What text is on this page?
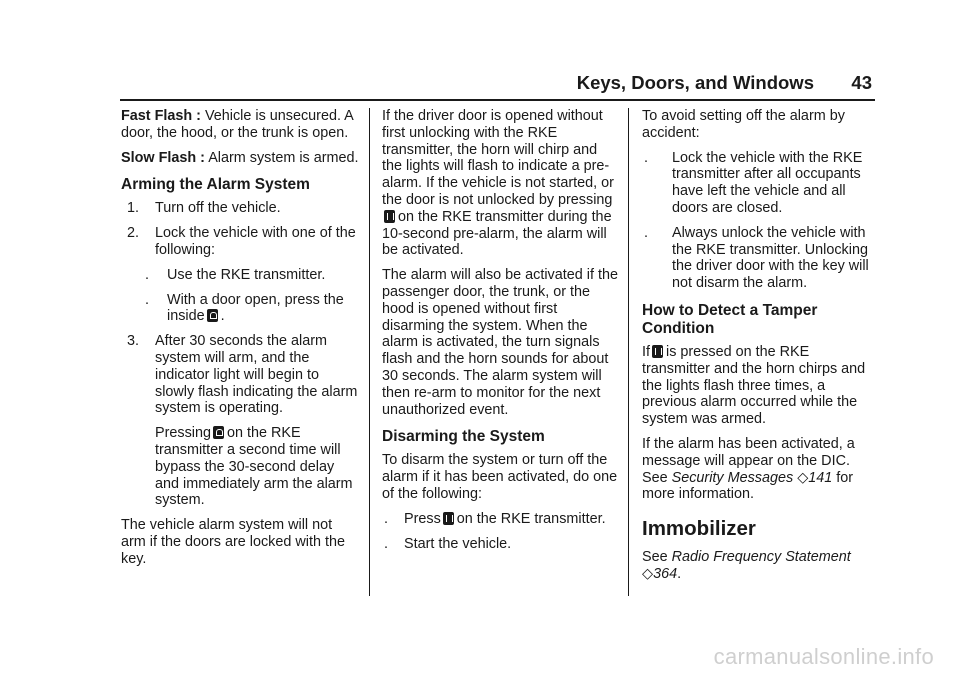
Keys, Doors, and Windows 43

Fast Flash : Vehicle is unsecured. A door, the hood, or the trunk is open.

Slow Flash : Alarm system is armed.

Arming the Alarm System
1. Turn off the vehicle.
2. Lock the vehicle with one of the following:
. Use the RKE transmitter.
. With a door open, press the
inside .
3. After 30 seconds the alarm system will arm, and the indicator light will begin to slowly flash indicating the alarm system is operating.

Pressing on the RKE transmitter a second time will bypass the 30-second delay and immediately arm the alarm system.

The vehicle alarm system will not arm if the doors are locked with the key.

If the driver door is opened without first unlocking with the RKE transmitter, the horn will chirp and the lights will flash to indicate a pre-alarm. If the vehicle is not started, or the door is not unlocked by pressingon the RKE transmitter during the 10-second pre-alarm, the alarm will be activated.

The alarm will also be activated if the passenger door, the trunk, or the hood is opened without first disarming the system. When the alarm is activated, the turn signals flash and the horn sounds for about 30 seconds. The alarm system will then re-arm to monitor for the next unauthorized event.

Disarming the System

To disarm the system or turn off the alarm if it has been activated, do one of the following:

. Press on the RKE transmitter.
. Start the vehicle.

To avoid setting off the alarm by accident:

. Lock the vehicle with the RKE transmitter after all occupants have left the vehicle and all doors are closed.
. Always unlock the vehicle with the RKE transmitter. Unlocking the driver door with the key will not disarm the alarm.
How to Detect a Tamper Condition

If is pressed on the RKE transmitter and the horn chirps and the lights flash three times, a previous alarm occurred while the system was armed.

If the alarm has been activated, a message will appear on the DIC. See Security Messages ◇141 for more information.

Immobilizer

See Radio Frequency Statement ◇364.

carmanualsonline.info
